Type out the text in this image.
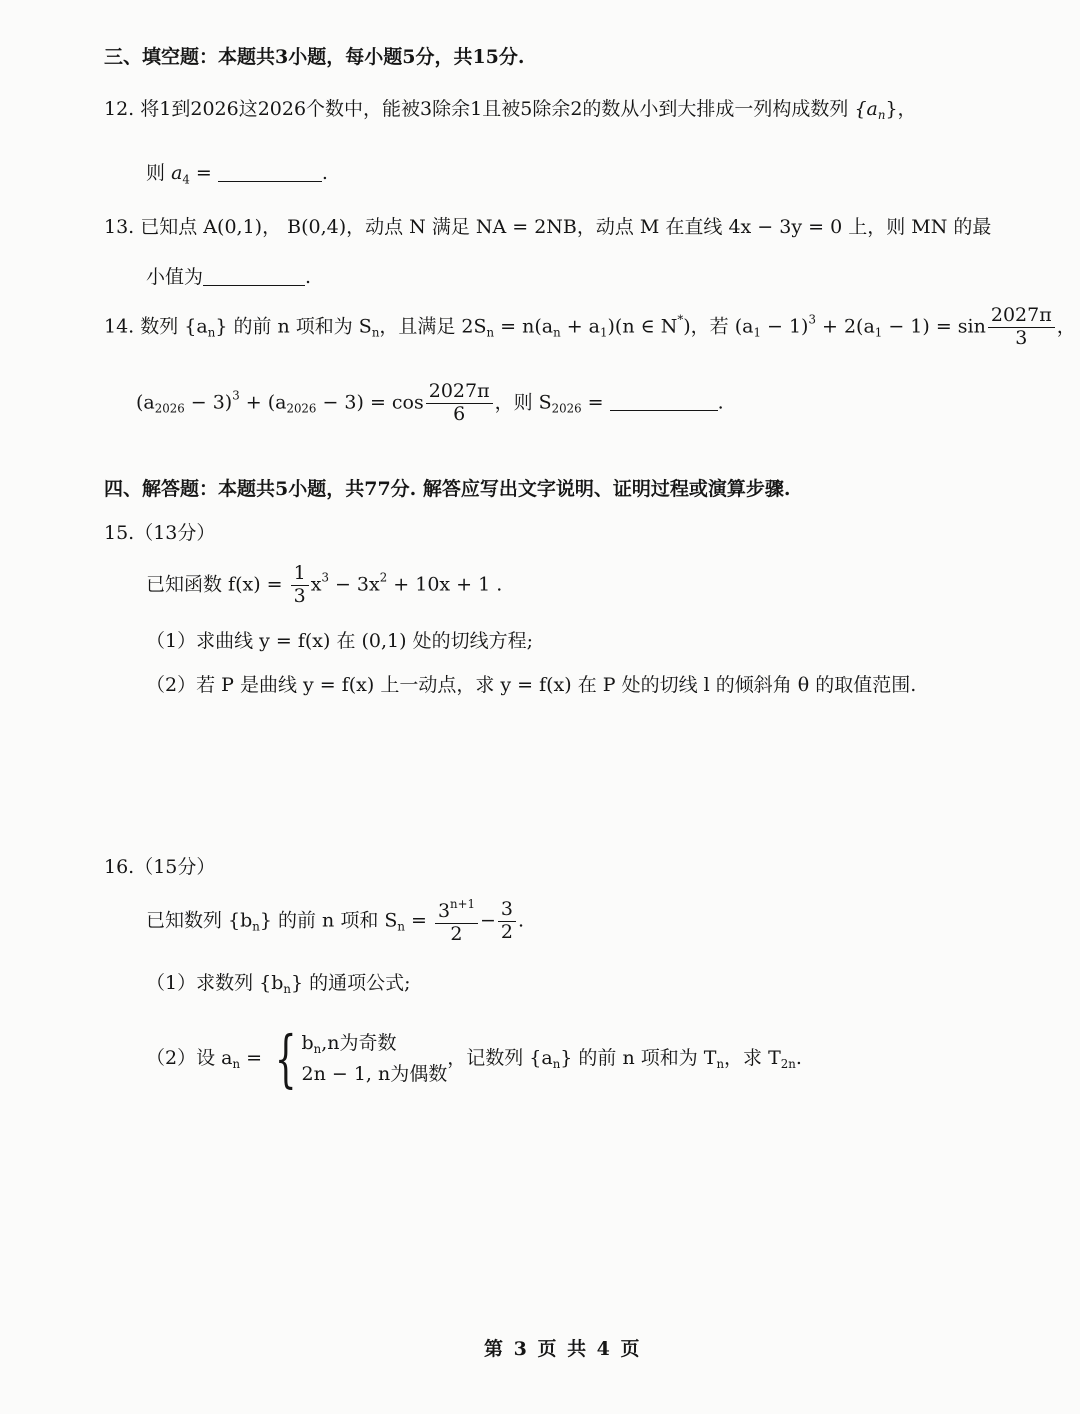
三、填空题：本题共3小题，每小题5分，共15分.
12. 将1到2026这2026个数中，能被3除余1且被5除余2的数从小到大排成一列构成数列 $\{a_n\}$，
则 $a_4$ =	.
13. 已知点 A(0,1)， B(0,4)，动点 N 满足 NA = 2NB，动点 M 在直线 4x − 3y = 0 上，则 MN 的最
小值为	.
14. 数列 $\{a_n\}$ 的前 n 项和为 $S_n$，且满足 $2S_n = n(a_n + a_1)(n$ ∈ N*)，若 $(a_1 - 1)^3 + 2(a_1 - 1) = \sin \frac{2027\pi}{3}$ ，
$(a_{2026} - 3)^3 + (a_{2026} - 3) = \cos \frac{2027\pi}{6}$ ，则 $S_{2026}$ =	.
四、解答题：本题共5小题，共77分. 解答应写出文字说明、证明过程或演算步骤.
15.（13分）
已知函数 $f(x) = \frac{1}{3} x^3 - 3x^2 + 10x + 1$ .
（1）求曲线 y = f(x) 在 (0,1) 处的切线方程;
（2）若 P 是曲线 y = f(x) 上一动点，求 y = f(x) 在 P 处的切线 l 的倾斜角 θ 的取值范围.
16.（15分）
已知数列 $\{b_n\}$ 的前 n 项和 $S_n = \frac{3^{n+1}}{2} - \frac{3}{2}$ .
（1）求数列 $\{b_n\}$ 的通项公式;
（2）设 $a_n$ = { $b_n,n$为奇数
2n − 1, n为偶数
，记数列 $\{a_n\}$ 的前 n 项和为 $T_n$，求 $T_{2n}$.
第 3 页 共 4 页
